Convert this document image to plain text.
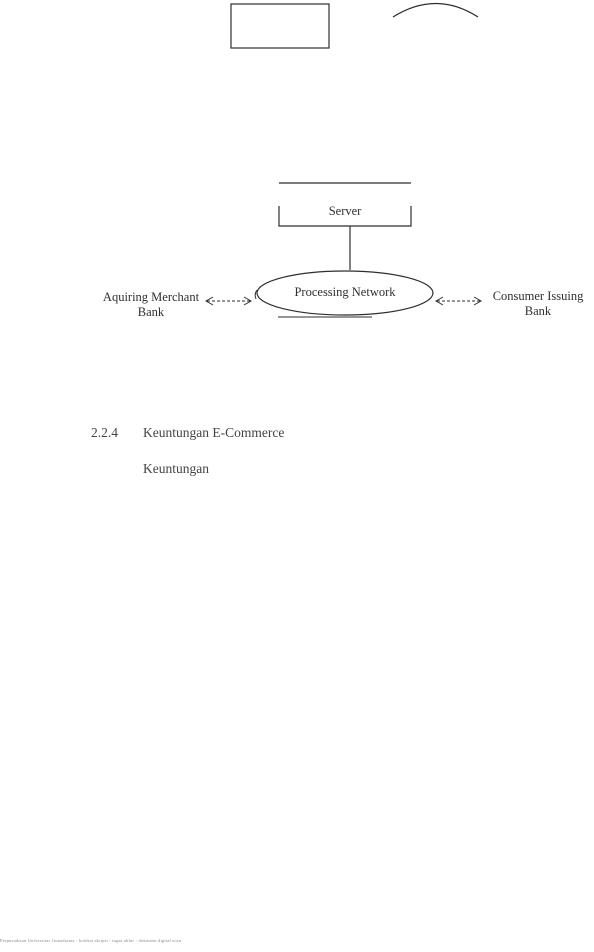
Server
Processing Network
Aquiring Merchant
Bank
Consumer Issuing
Bank
2.2.4	Keuntungan E-Commerce
Keuntungan
Perpustakaan Universitas Gunadarma - koleksi skripsi / tugas akhir - dokumen digital scan
